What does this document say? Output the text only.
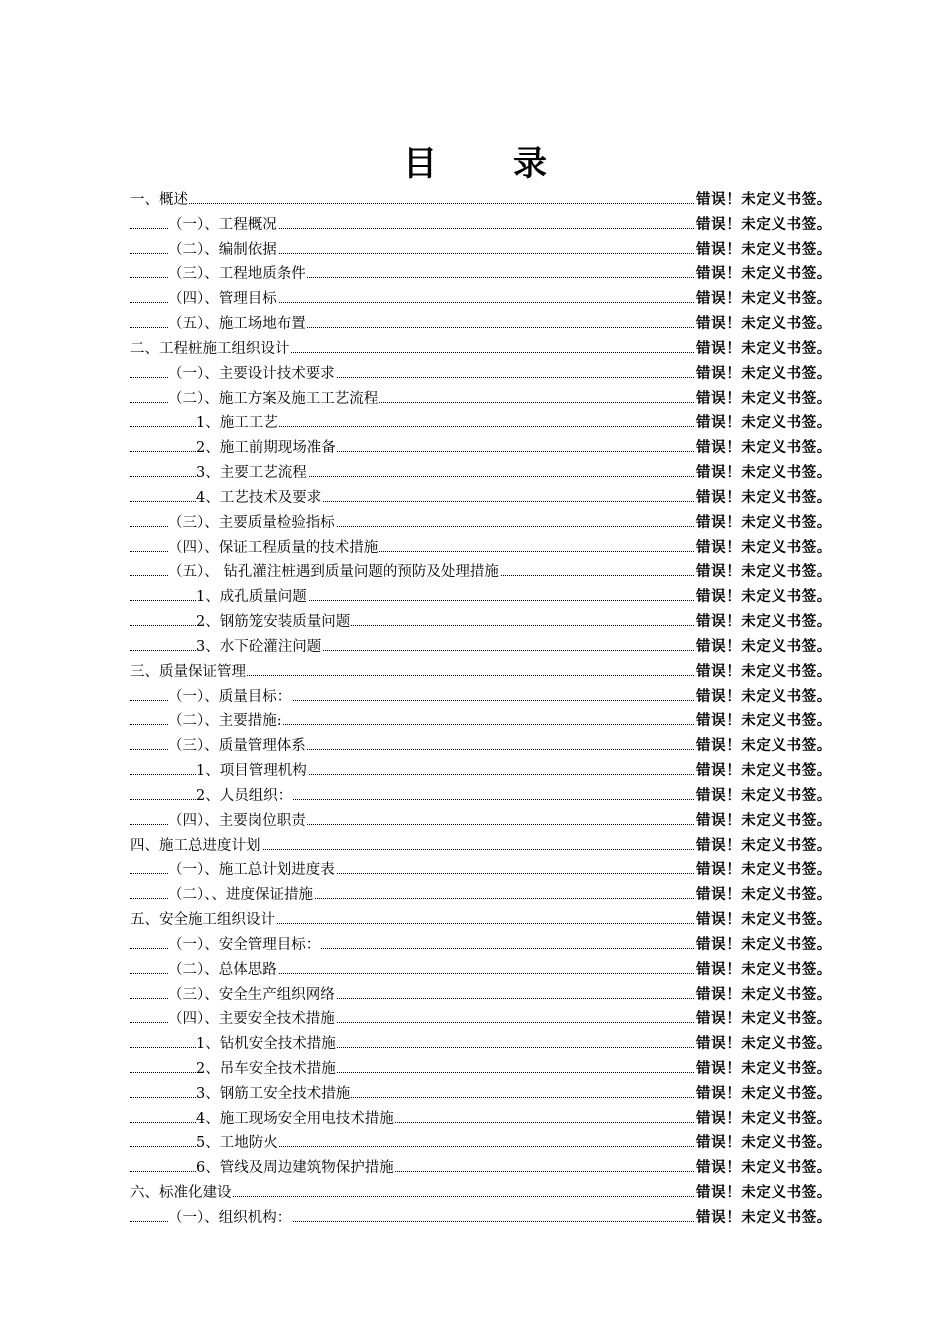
目录
一、概述	错误！未定义书签。
（一）、工程概况	错误！未定义书签。
（二）、编制依据	错误！未定义书签。
（三）、工程地质条件	错误！未定义书签。
（四）、管理目标	错误！未定义书签。
（五）、施工场地布置	错误！未定义书签。
二、工程桩施工组织设计	错误！未定义书签。
（一）、主要设计技术要求	错误！未定义书签。
（二）、施工方案及施工工艺流程	错误！未定义书签。
1、施工工艺	错误！未定义书签。
2、施工前期现场准备	错误！未定义书签。
3、主要工艺流程	错误！未定义书签。
4、工艺技术及要求	错误！未定义书签。
（三）、主要质量检验指标	错误！未定义书签。
（四）、保证工程质量的技术措施	错误！未定义书签。
（五）、 钻孔灌注桩遇到质量问题的预防及处理措施	错误！未定义书签。
1、成孔质量问题	错误！未定义书签。
2、钢筋笼安装质量问题	错误！未定义书签。
3、水下砼灌注问题	错误！未定义书签。
三、质量保证管理	错误！未定义书签。
（一）、质量目标：	错误！未定义书签。
（二）、主要措施:	错误！未定义书签。
（三）、质量管理体系	错误！未定义书签。
1、项目管理机构	错误！未定义书签。
2、人员组织：	错误！未定义书签。
（四）、主要岗位职责	错误！未定义书签。
四、施工总进度计划	错误！未定义书签。
（一）、施工总计划进度表	错误！未定义书签。
（二）、、进度保证措施	错误！未定义书签。
五、安全施工组织设计	错误！未定义书签。
（一）、安全管理目标：	错误！未定义书签。
（二）、总体思路	错误！未定义书签。
（三）、安全生产组织网络	错误！未定义书签。
（四）、主要安全技术措施	错误！未定义书签。
1、钻机安全技术措施	错误！未定义书签。
2、吊车安全技术措施	错误！未定义书签。
3、钢筋工安全技术措施	错误！未定义书签。
4、施工现场安全用电技术措施	错误！未定义书签。
5、工地防火	错误！未定义书签。
6、管线及周边建筑物保护措施	错误！未定义书签。
六、标准化建设	错误！未定义书签。
（一）、组织机构：	错误！未定义书签。
